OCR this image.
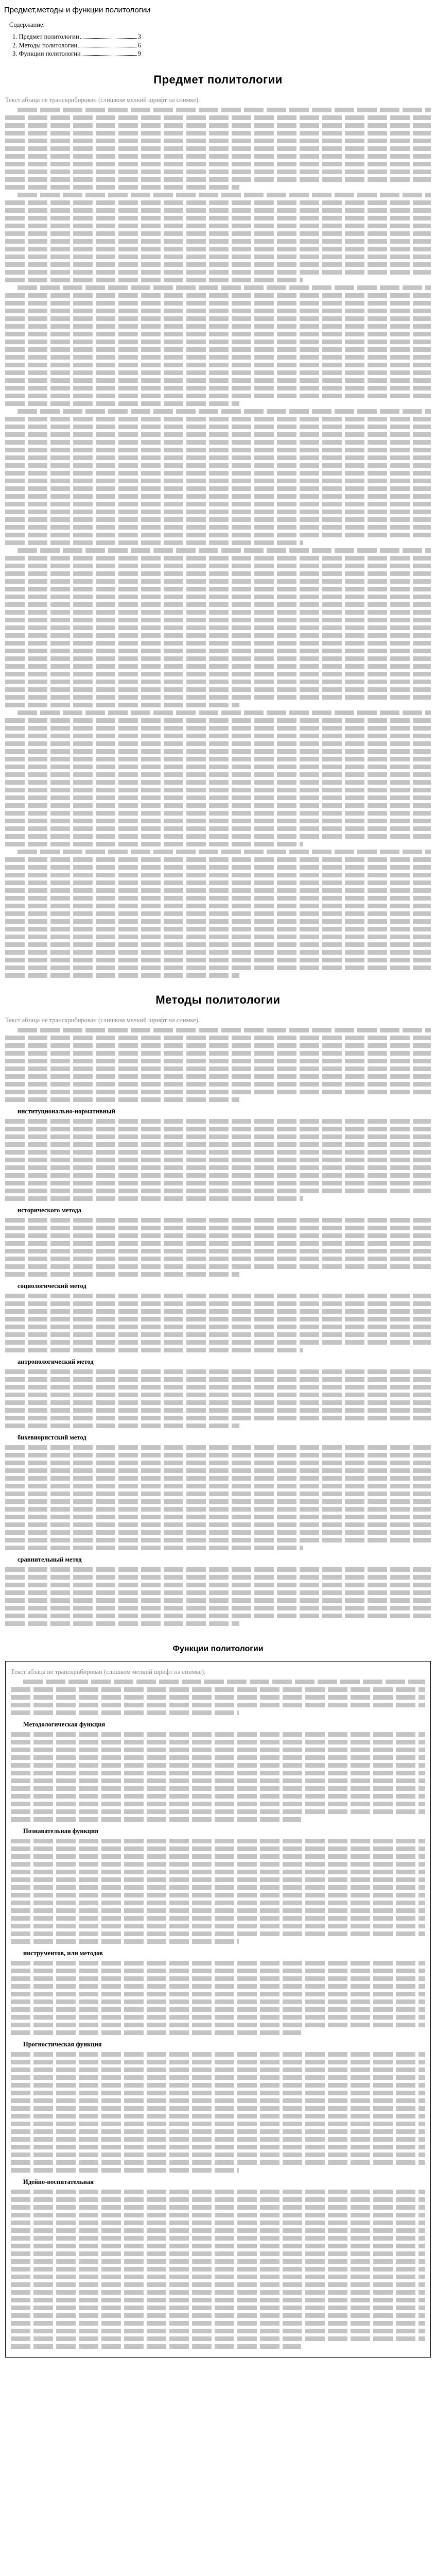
Предмет,методы и функции политологии
Содержание:
1. Предмет политологии	3
2. Методы политологии	6
3. Функции политологии	9
Предмет политологии
Текст абзаца не транскрибирован (слишком мелкий шрифт на снимке).
Методы политологии
Текст абзаца не транскрибирован (слишком мелкий шрифт на снимке).

институционально-нормативный

исторического метода

социологический метод

антропологический метод

бихевиористский метод

сравнительный метод

Функции политологии
Текст абзаца не транскрибирован (слишком мелкий шрифт на снимке).

Методологическая функция

Познавательная функция

инструментов, или методов

Прогностическая функция

Идейно-воспитательная
